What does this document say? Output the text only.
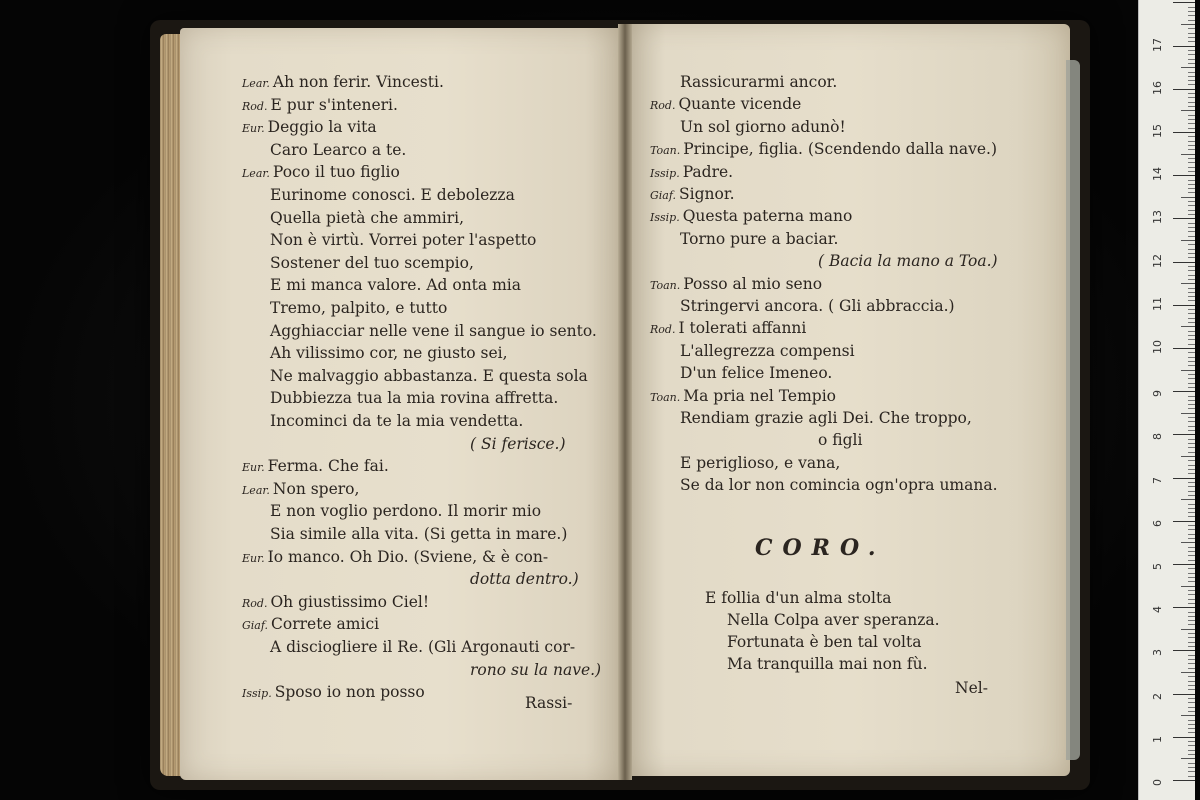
Lear. Ah non ferir. Vincesti.
Rod. E pur s'inteneri.
Eur. Deggio la vita
Caro Learco a te.
Lear. Poco il tuo figlio
Eurinome conosci. E debolezza
Quella pietà che ammiri,
Non è virtù. Vorrei poter l'aspetto
Sostener del tuo scempio,
E mi manca valore. Ad onta mia
Tremo, palpito, e tutto
Agghiacciar nelle vene il sangue io sento.
Ah vilissimo cor, ne giusto sei,
Ne malvaggio abbastanza. E questa sola
Dubbiezza tua la mia rovina affretta.
Incominci da te la mia vendetta.
( Si ferisce.)
Eur. Ferma. Che fai.
Lear. Non spero,
E non voglio perdono. Il morir mio
Sia simile alla vita. (Si getta in mare.)
Eur. Io manco. Oh Dio. (Sviene, & è con-
dotta dentro.)
Rod. Oh giustissimo Ciel!
Giaf. Correte amici
A disciogliere il Re. (Gli Argonauti cor-
rono su la nave.)
Issip. Sposo io non posso
Rassi-
Rassicurarmi ancor.
Rod. Quante vicende
Un sol giorno adunò!
Toan. Principe, figlia. (Scendendo dalla nave.)
Issip. Padre.
Giaf. Signor.
Issip. Questa paterna mano
Torno pure a baciar.
( Bacia la mano a Toa.)
Toan. Posso al mio seno
Stringervi ancora. ( Gli abbraccia.)
Rod. I tolerati affanni
L'allegrezza compensi
D'un felice Imeneo.
Toan. Ma pria nel Tempio
Rendiam grazie agli Dei. Che troppo,
o figli
E periglioso, e vana,
Se da lor non comincia ogn'opra umana.
CORO.
E follia d'un alma stolta
Nella Colpa aver speranza.
Fortunata è ben tal volta
Ma tranquilla mai non fù.
Nel-
0
1
2
3
4
5
6
7
8
9
10
11
12
13
14
15
16
17
